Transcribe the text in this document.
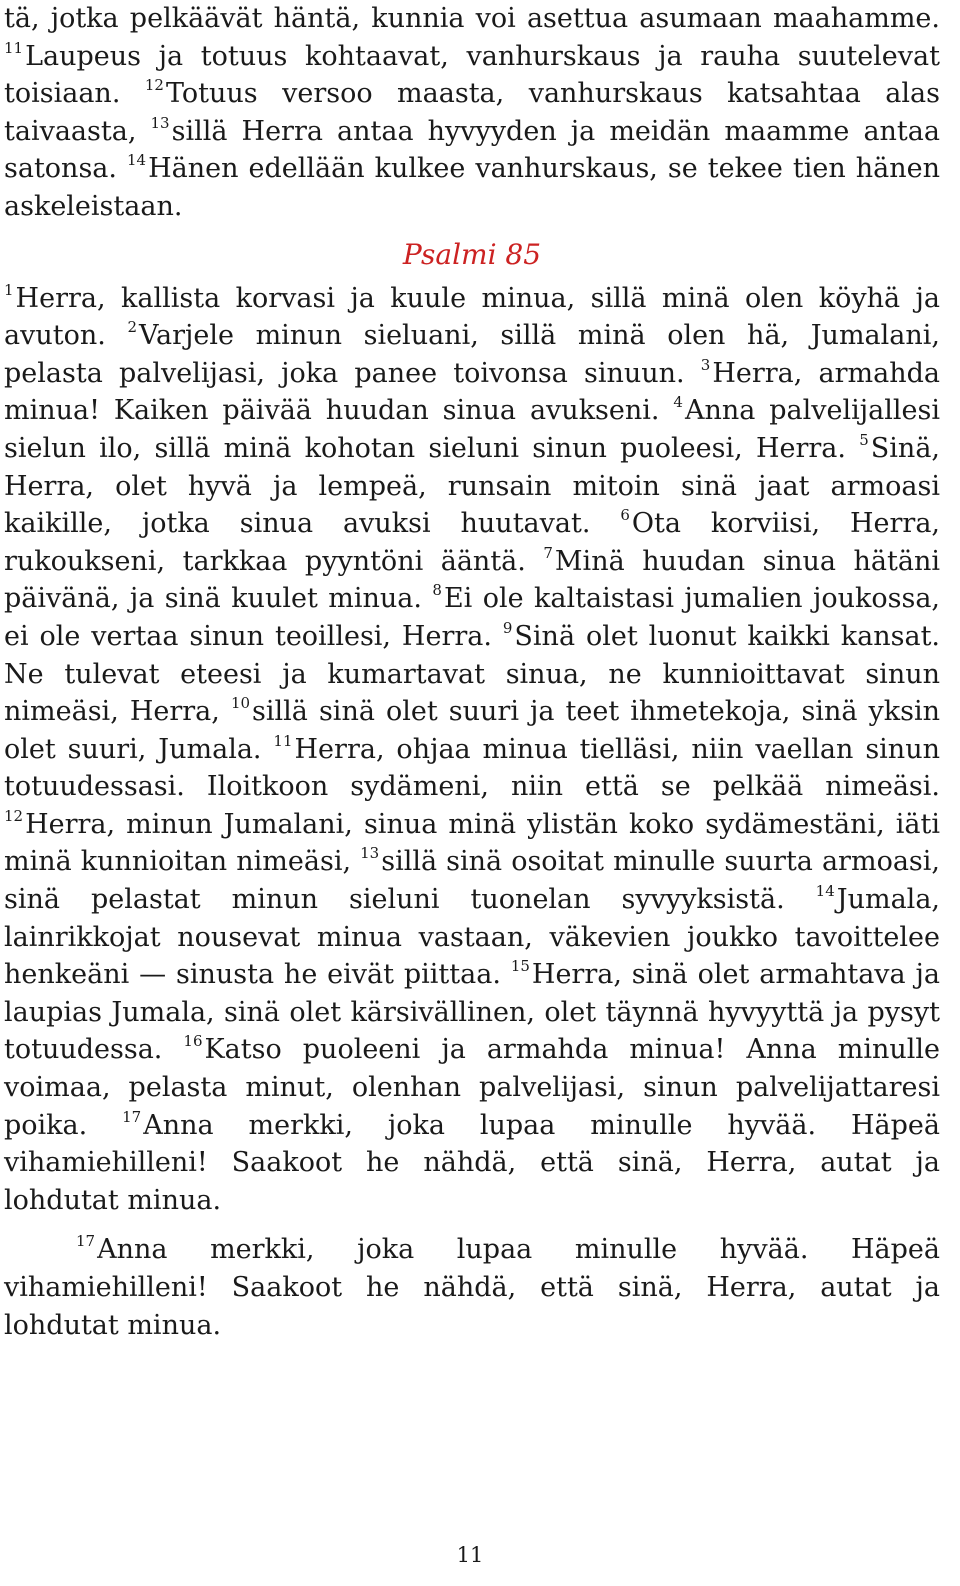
tä, jotka pelkäävät häntä, kunnia voi asettua asumaan maahamme. $^{11}$Laupeus ja totuus kohtaavat, vanhurskaus ja rauha suutelevat toisiaan. $^{12}$Totuus versoo maasta, vanhurskaus katsahtaa alas taivaasta, $^{13}$sillä Herra antaa hyvyyden ja meidän maamme antaa satonsa. $^{14}$Hänen edellään kulkee vanhurskaus, se tekee tien hänen askeleistaan.

Psalmi 85

$^1$Herra, kallista korvasi ja kuule minua, sillä minä olen köyhä ja avuton. $^2$Varjele minun sieluani, sillä minä olen hä, Jumalani, pelasta palvelijasi, joka panee toivonsa sinuun. $^3$Herra, armahda minua! Kaiken päivää huudan sinua avukseni. $^4$Anna palvelijallesi sielun ilo, sillä minä kohotan sieluni sinun puoleesi, Herra. $^5$Sinä, Herra, olet hyvä ja lempeä, runsain mitoin sinä jaat armoasi kaikille, jotka sinua avuksi huutavat. $^6$Ota korviisi, Herra, rukoukseni, tarkkaa pyyntöni ääntä. $^7$Minä huudan sinua hätäni päivänä, ja sinä kuulet minua. $^8$Ei ole kaltaistasi jumalien joukossa, ei ole vertaa sinun teoillesi, Herra. $^9$Sinä olet luonut kaikki kansat. Ne tulevat eteesi ja kumartavat sinua, ne kunnioittavat sinun nimeäsi, Herra, $^{10}$sillä sinä olet suuri ja teet ihmetekoja, sinä yksin olet suuri, Jumala. $^{11}$Herra, ohjaa minua tielläsi, niin vaellan sinun totuudessasi. Iloitkoon sydämeni, niin että se pelkää nimeäsi. $^{12}$Herra, minun Jumalani, sinua minä ylistän koko sydämestäni, iäti minä kunnioitan nimeäsi, $^{13}$sillä sinä osoitat minulle suurta armoasi, sinä pelastat minun sieluni tuonelan syvyyksistä. $^{14}$Jumala, lainrikkojat nousevat minua vastaan, väkevien joukko tavoittelee henkeäni — sinusta he eivät piittaa. $^{15}$Herra, sinä olet armahtava ja laupias Jumala, sinä olet kärsivällinen, olet täynnä hyvyyttä ja pysyt totuudessa. $^{16}$Katso puoleeni ja armahda minua! Anna minulle voimaa, pelasta minut, olenhan palvelijasi, sinun palvelijattaresi poika. $^{17}$Anna merkki, joka lupaa minulle hyvää. Häpeä vihamiehilleni! Saakoot he nähdä, että sinä, Herra, autat ja lohdutat minua.

$^{17}$Anna merkki, joka lupaa minulle hyvää. Häpeä vihamiehilleni! Saakoot he nähdä, että sinä, Herra, autat ja lohdutat minua.

11
